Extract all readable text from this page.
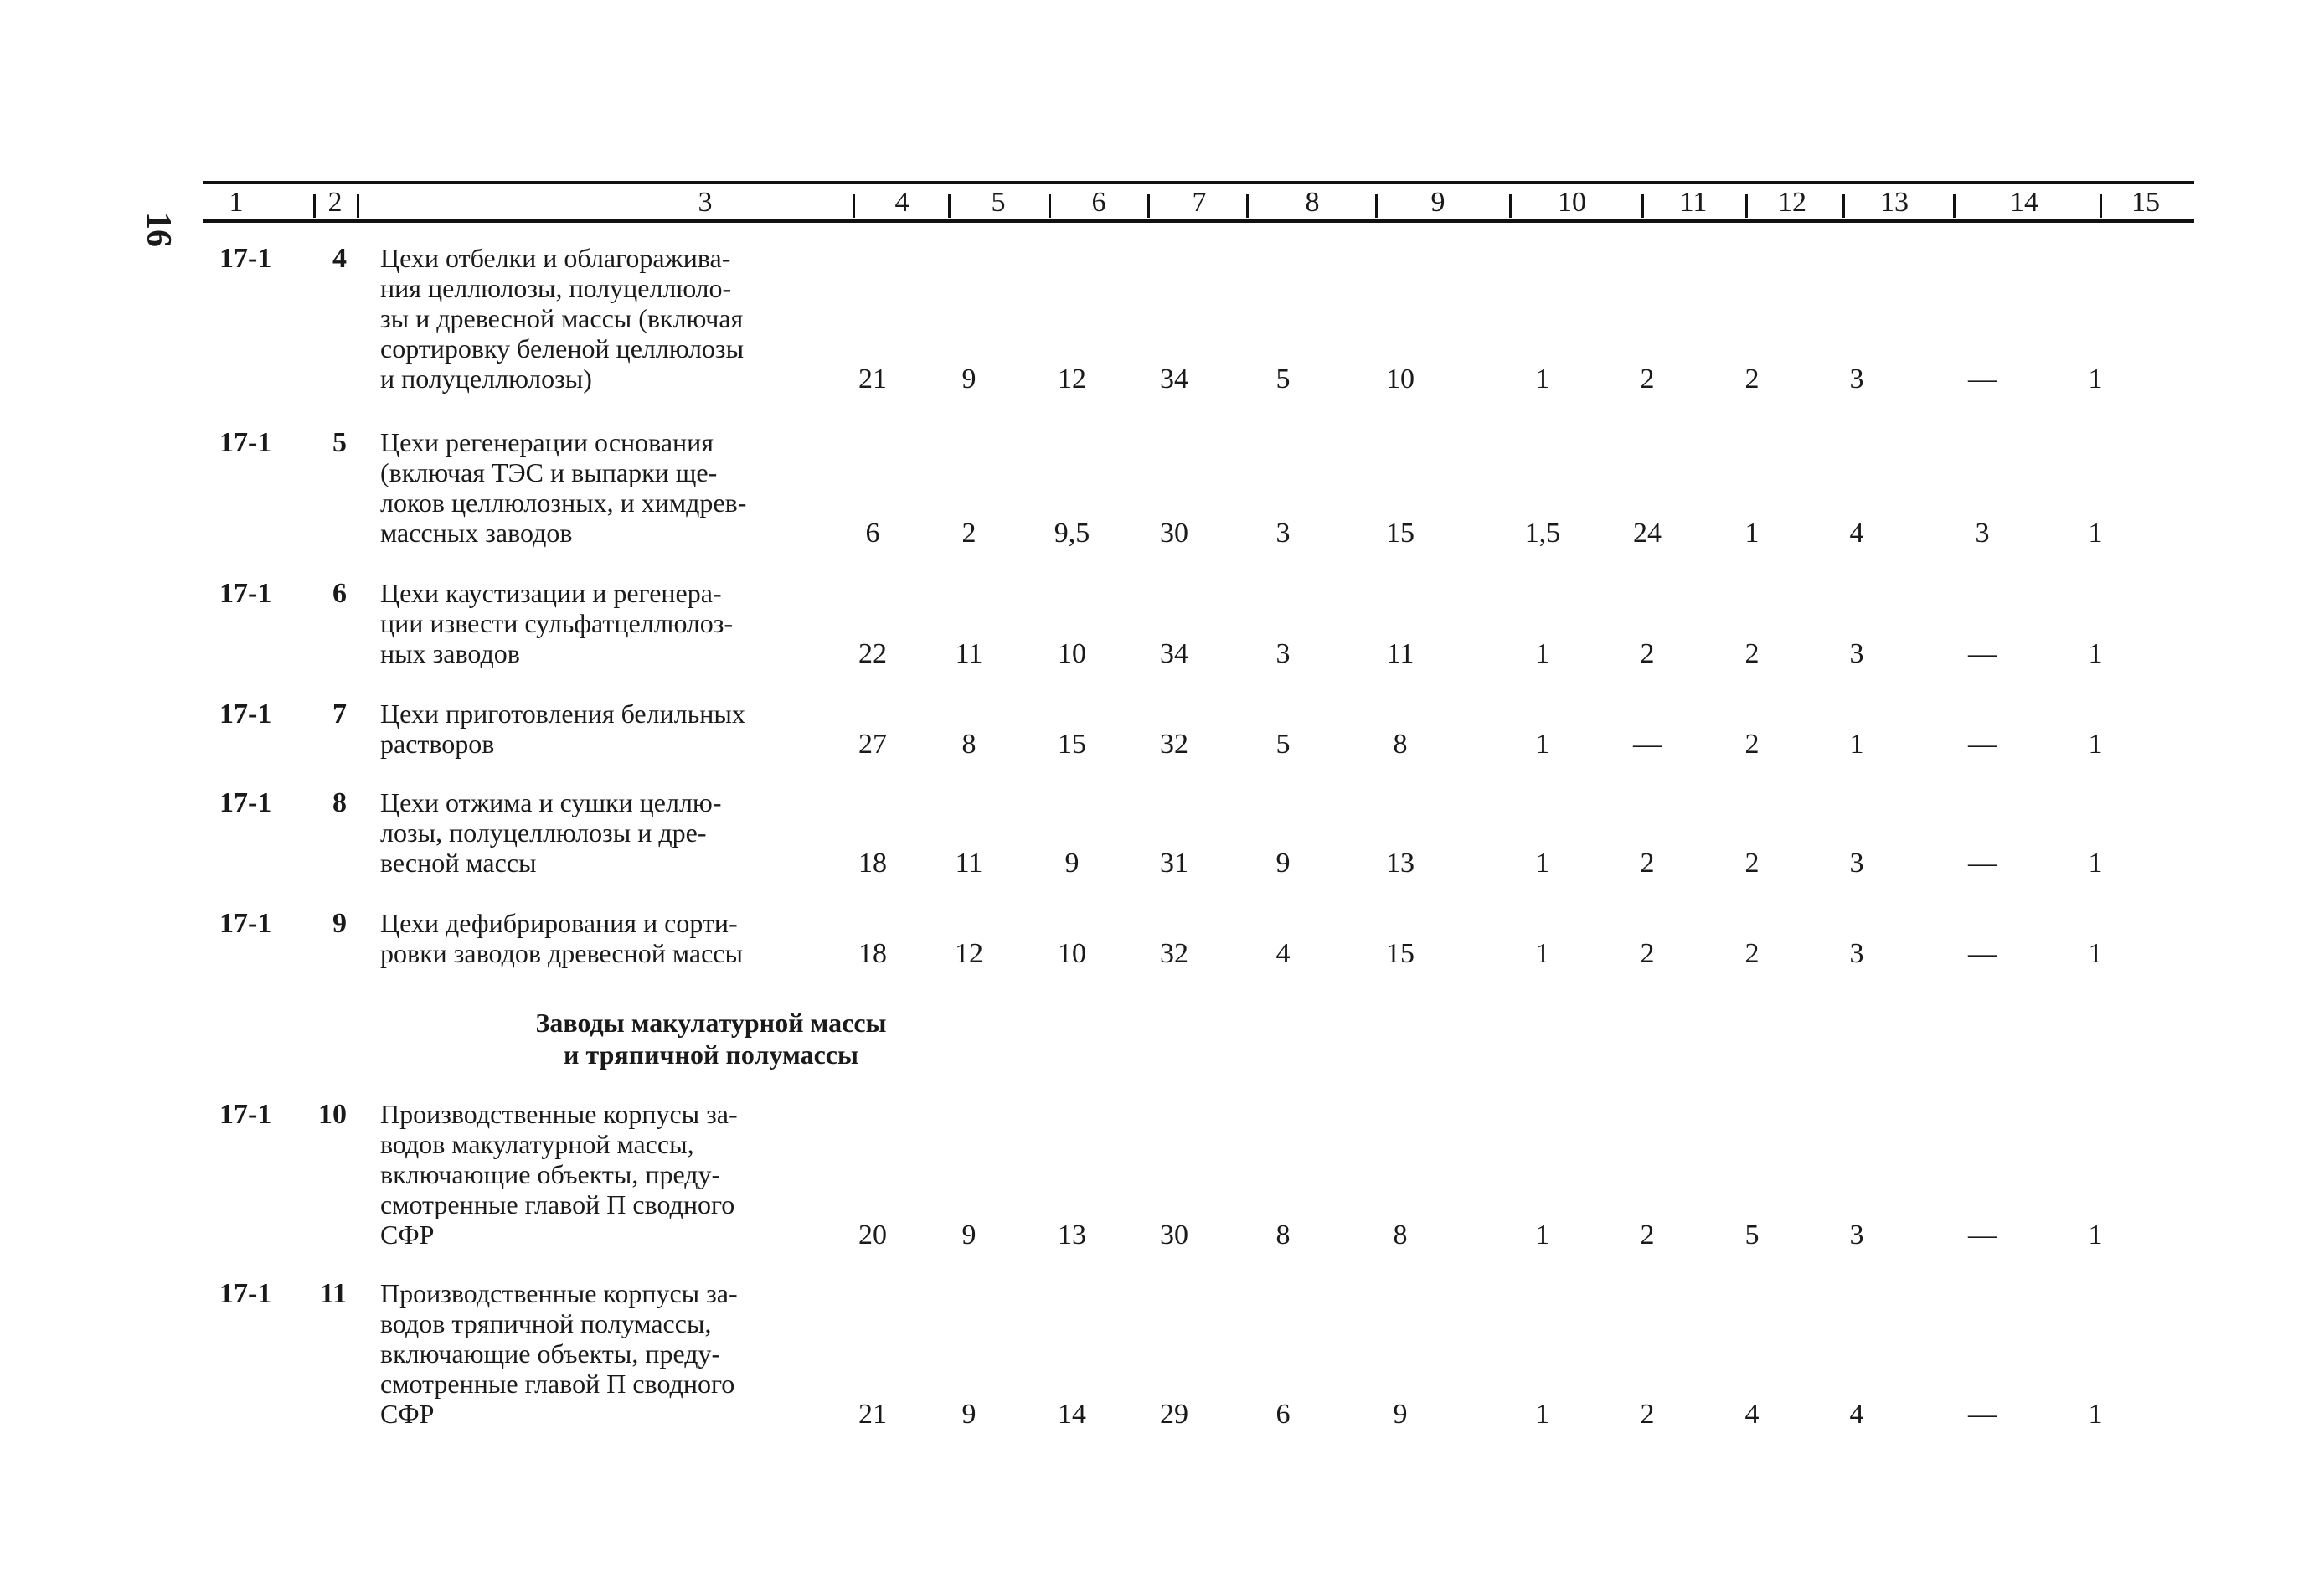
16
1	2	3	4	5	6	7	8	9	10	11	12	13	14	15
17-1	4 Цехи отбелки и облагоражива-
ния целлюлозы, полуцеллюло-
зы и древесной массы (включая
сортировку беленой целлюлозы
и полуцеллюлозы)	21	9	12	34	5	10	1	2	2	3	—	1
17-1	5 Цехи регенерации основания
(включая ТЭС и выпарки ще-
локов целлюлозных, и химдрев-
массных заводов	6	2	9,5	30	3	15	1,5	24	1	4	3	1
17-1	6 Цехи каустизации и регенера-
ции извести сульфатцеллюлоз-
ных заводов	22	11	10	34	3	11	1	2	2	3	—	1
17-1	7 Цехи приготовления белильных
растворов	27	8	15	32	5	8	1	—	2	1	—	1
17-1	8 Цехи отжима и сушки целлю-
лозы, полуцеллюлозы и дре-
весной массы	18	11	9	31	9	13	1	2	2	3	—	1
17-1	9 Цехи дефибрирования и сорти-
ровки заводов древесной массы	18	12	10	32	4	15	1	2	2	3	—	1
Заводы макулатурной массы
и тряпичной полумассы
17-1	10 Производственные корпусы за-
водов макулатурной массы,
включающие объекты, преду-
смотренные главой П сводного
СФР	20	9	13	30	8	8	1	2	5	3	—	1
17-1	11 Производственные корпусы за-
водов тряпичной полумассы,
включающие объекты, преду-
смотренные главой П сводного
СФР	21	9	14	29	6	9	1	2	4	4	—	1
